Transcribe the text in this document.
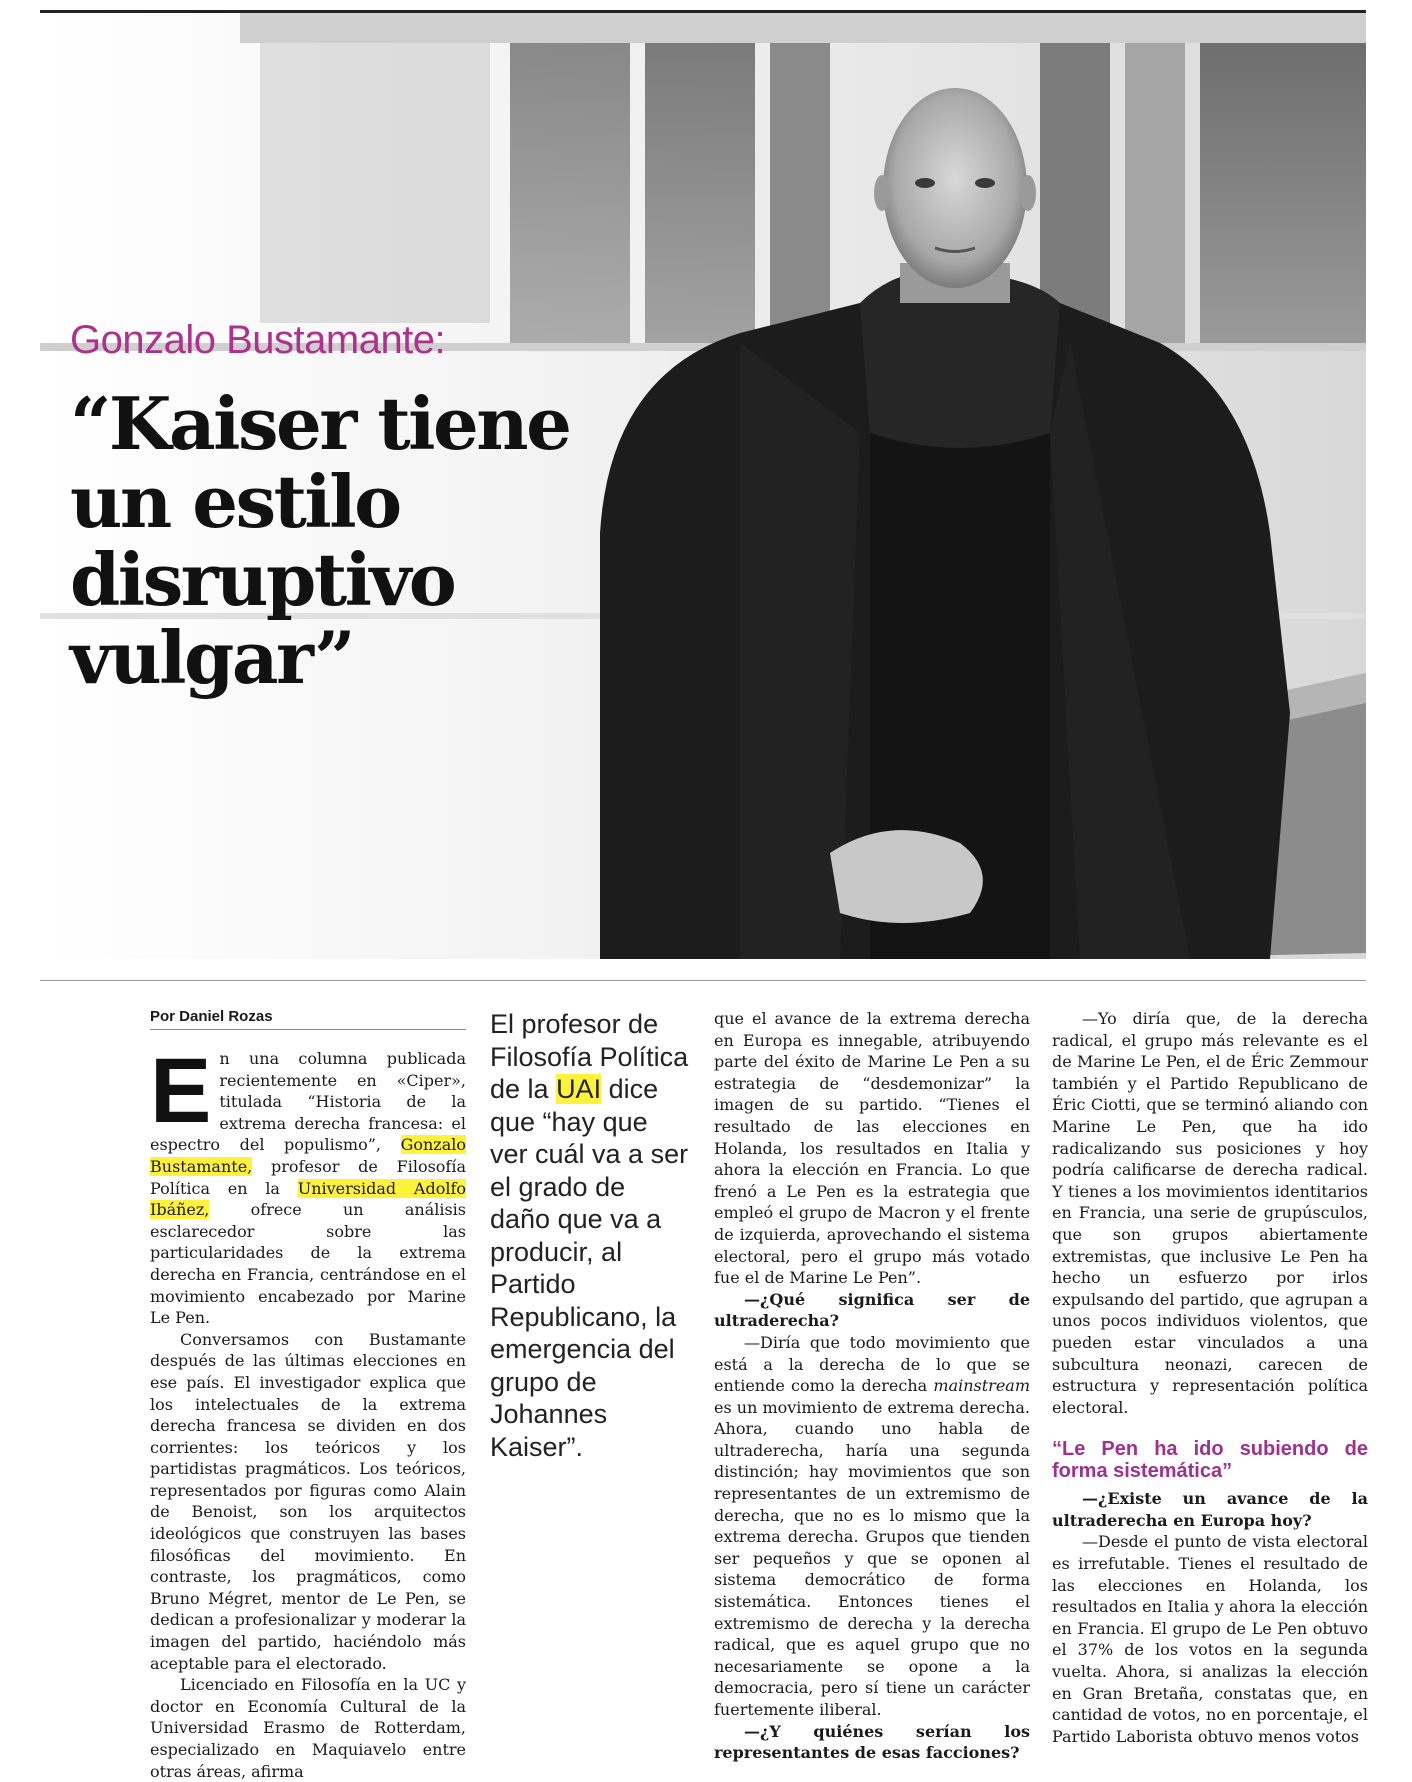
Gonzalo Bustamante:
“Kaiser tiene un estilo disruptivo vulgar”
Por Daniel Rozas

En una columna publicada recientemente en «Ciper», titulada “Historia de la extrema derecha francesa: el espectro del populismo”, Gonzalo Bustamante, profesor de Filosofía Política en la Universidad Adolfo Ibáñez, ofrece un análisis esclarecedor sobre las particularidades de la extrema derecha en Francia, centrándose en el movimiento encabezado por Marine Le Pen.

Conversamos con Bustamante después de las últimas elecciones en ese país. El investigador explica que los intelectuales de la extrema derecha francesa se dividen en dos corrientes: los teóricos y los partidistas pragmáticos. Los teóricos, representados por figuras como Alain de Benoist, son los arquitectos ideológicos que construyen las bases filosóficas del movimiento. En contraste, los pragmáticos, como Bruno Mégret, mentor de Le Pen, se dedican a profesionalizar y moderar la imagen del partido, haciéndolo más aceptable para el electorado.

Licenciado en Filosofía en la UC y doctor en Economía Cultural de la Universidad Erasmo de Rotterdam, especializado en Maquiavelo entre otras áreas, afirma

El profesor de Filosofía Política de la UAI dice que “hay que ver cuál va a ser el grado de daño que va a producir, al Partido Republicano, la emergencia del grupo de Johannes Kaiser”.

que el avance de la extrema derecha en Europa es innegable, atribuyendo parte del éxito de Marine Le Pen a su estrategia de “desdemonizar” la imagen de su partido. “Tienes el resultado de las elecciones en Holanda, los resultados en Italia y ahora la elección en Francia. Lo que frenó a Le Pen es la estrategia que empleó el grupo de Macron y el frente de izquierda, aprovechando el sistema electoral, pero el grupo más votado fue el de Marine Le Pen”.

—¿Qué significa ser de ultraderecha?

—Diría que todo movimiento que está a la derecha de lo que se entiende como la derecha mainstream es un movimiento de extrema derecha. Ahora, cuando uno habla de ultraderecha, haría una segunda distinción; hay movimientos que son representantes de un extremismo de derecha, que no es lo mismo que la extrema derecha. Grupos que tienden ser pequeños y que se oponen al sistema democrático de forma sistemática. Entonces tienes el extremismo de derecha y la derecha radical, que es aquel grupo que no necesariamente se opone a la democracia, pero sí tiene un carácter fuertemente iliberal.

—¿Y quiénes serían los representantes de esas facciones?

—Yo diría que, de la derecha radical, el grupo más relevante es el de Marine Le Pen, el de Éric Zemmour también y el Partido Republicano de Éric Ciotti, que se terminó aliando con Marine Le Pen, que ha ido radicalizando sus posiciones y hoy podría calificarse de derecha radical. Y tienes a los movimientos identitarios en Francia, una serie de grupúsculos, que son grupos abiertamente extremistas, que inclusive Le Pen ha hecho un esfuerzo por irlos expulsando del partido, que agrupan a unos pocos individuos violentos, que pueden estar vinculados a una subcultura neonazi, carecen de estructura y representación política electoral.

“Le Pen ha ido subiendo de forma sistemática”

—¿Existe un avance de la ultraderecha en Europa hoy?

—Desde el punto de vista electoral es irrefutable. Tienes el resultado de las elecciones en Holanda, los resultados en Italia y ahora la elección en Francia. El grupo de Le Pen obtuvo el 37% de los votos en la segunda vuelta. Ahora, si analizas la elección en Gran Bretaña, constatas que, en cantidad de votos, no en porcentaje, el Partido Laborista obtuvo menos votos
